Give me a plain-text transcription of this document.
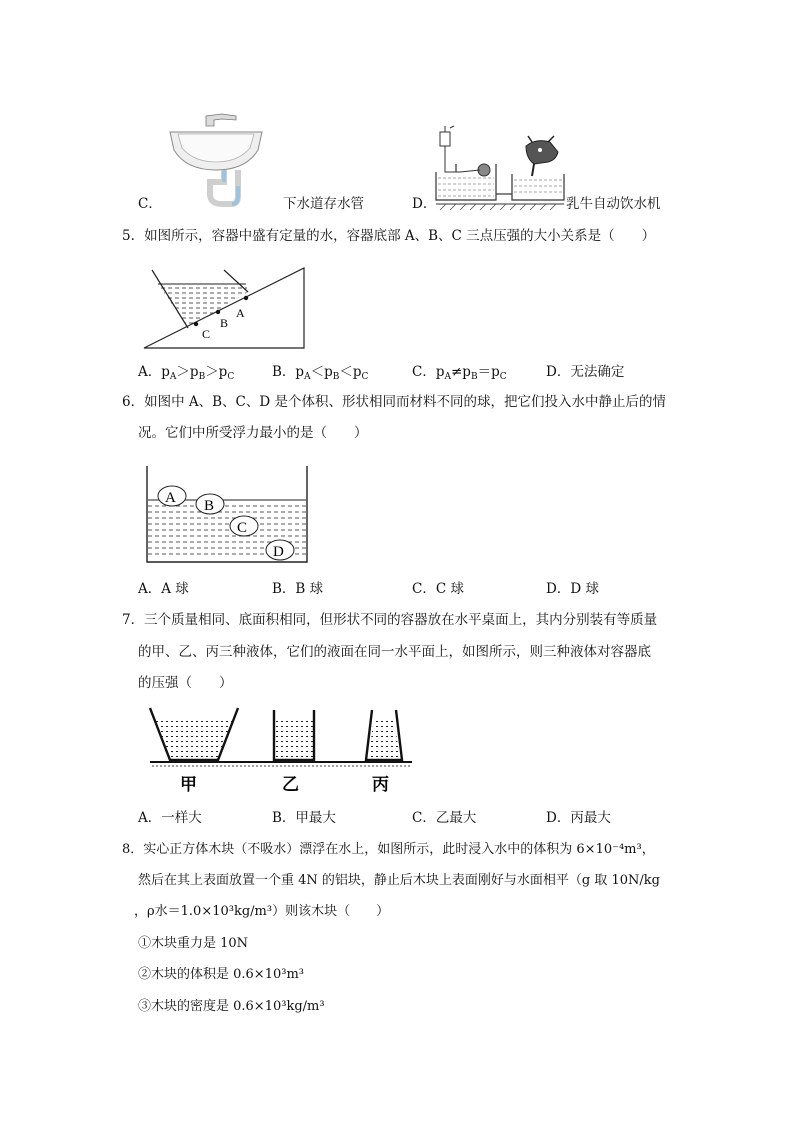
C．	下水道存水管	D．	乳牛自动饮水机
5．如图所示，容器中盛有定量的水，容器底部 A、B、C 三点压强的大小关系是（　　）
C
B
A
A．$p_A>p_B>p_C$	B．$p_A<p_B<p_C$	C．$p_A\ne p_B=p_C$	D．无法确定
6．如图中 A、B、C、D 是个体积、形状相同而材料不同的球，把它们投入水中静止后的情
况。它们中所受浮力最小的是（　　）
A B
C
D
A．A 球	B．B 球	C．C 球	D．D 球
7．三个质量相同、底面积相同，但形状不同的容器放在水平桌面上，其内分别装有等质量
的甲、乙、丙三种液体，它们的液面在同一水平面上，如图所示，则三种液体对容器底
的压强（　　）
甲	乙	丙
A．一样大	B．甲最大	C．乙最大	D．丙最大
8．实心正方体木块（不吸水）漂浮在水上，如图所示，此时浸入水中的体积为 6×10⁻⁴m³，
然后在其上表面放置一个重 4N 的铝块，静止后木块上表面刚好与水面相平（g 取 10N/kg
，ρ水＝1.0×10³kg/m³）则该木块（　　）
①木块重力是 10N
②木块的体积是 0.6×10³m³
③木块的密度是 0.6×10³kg/m³
